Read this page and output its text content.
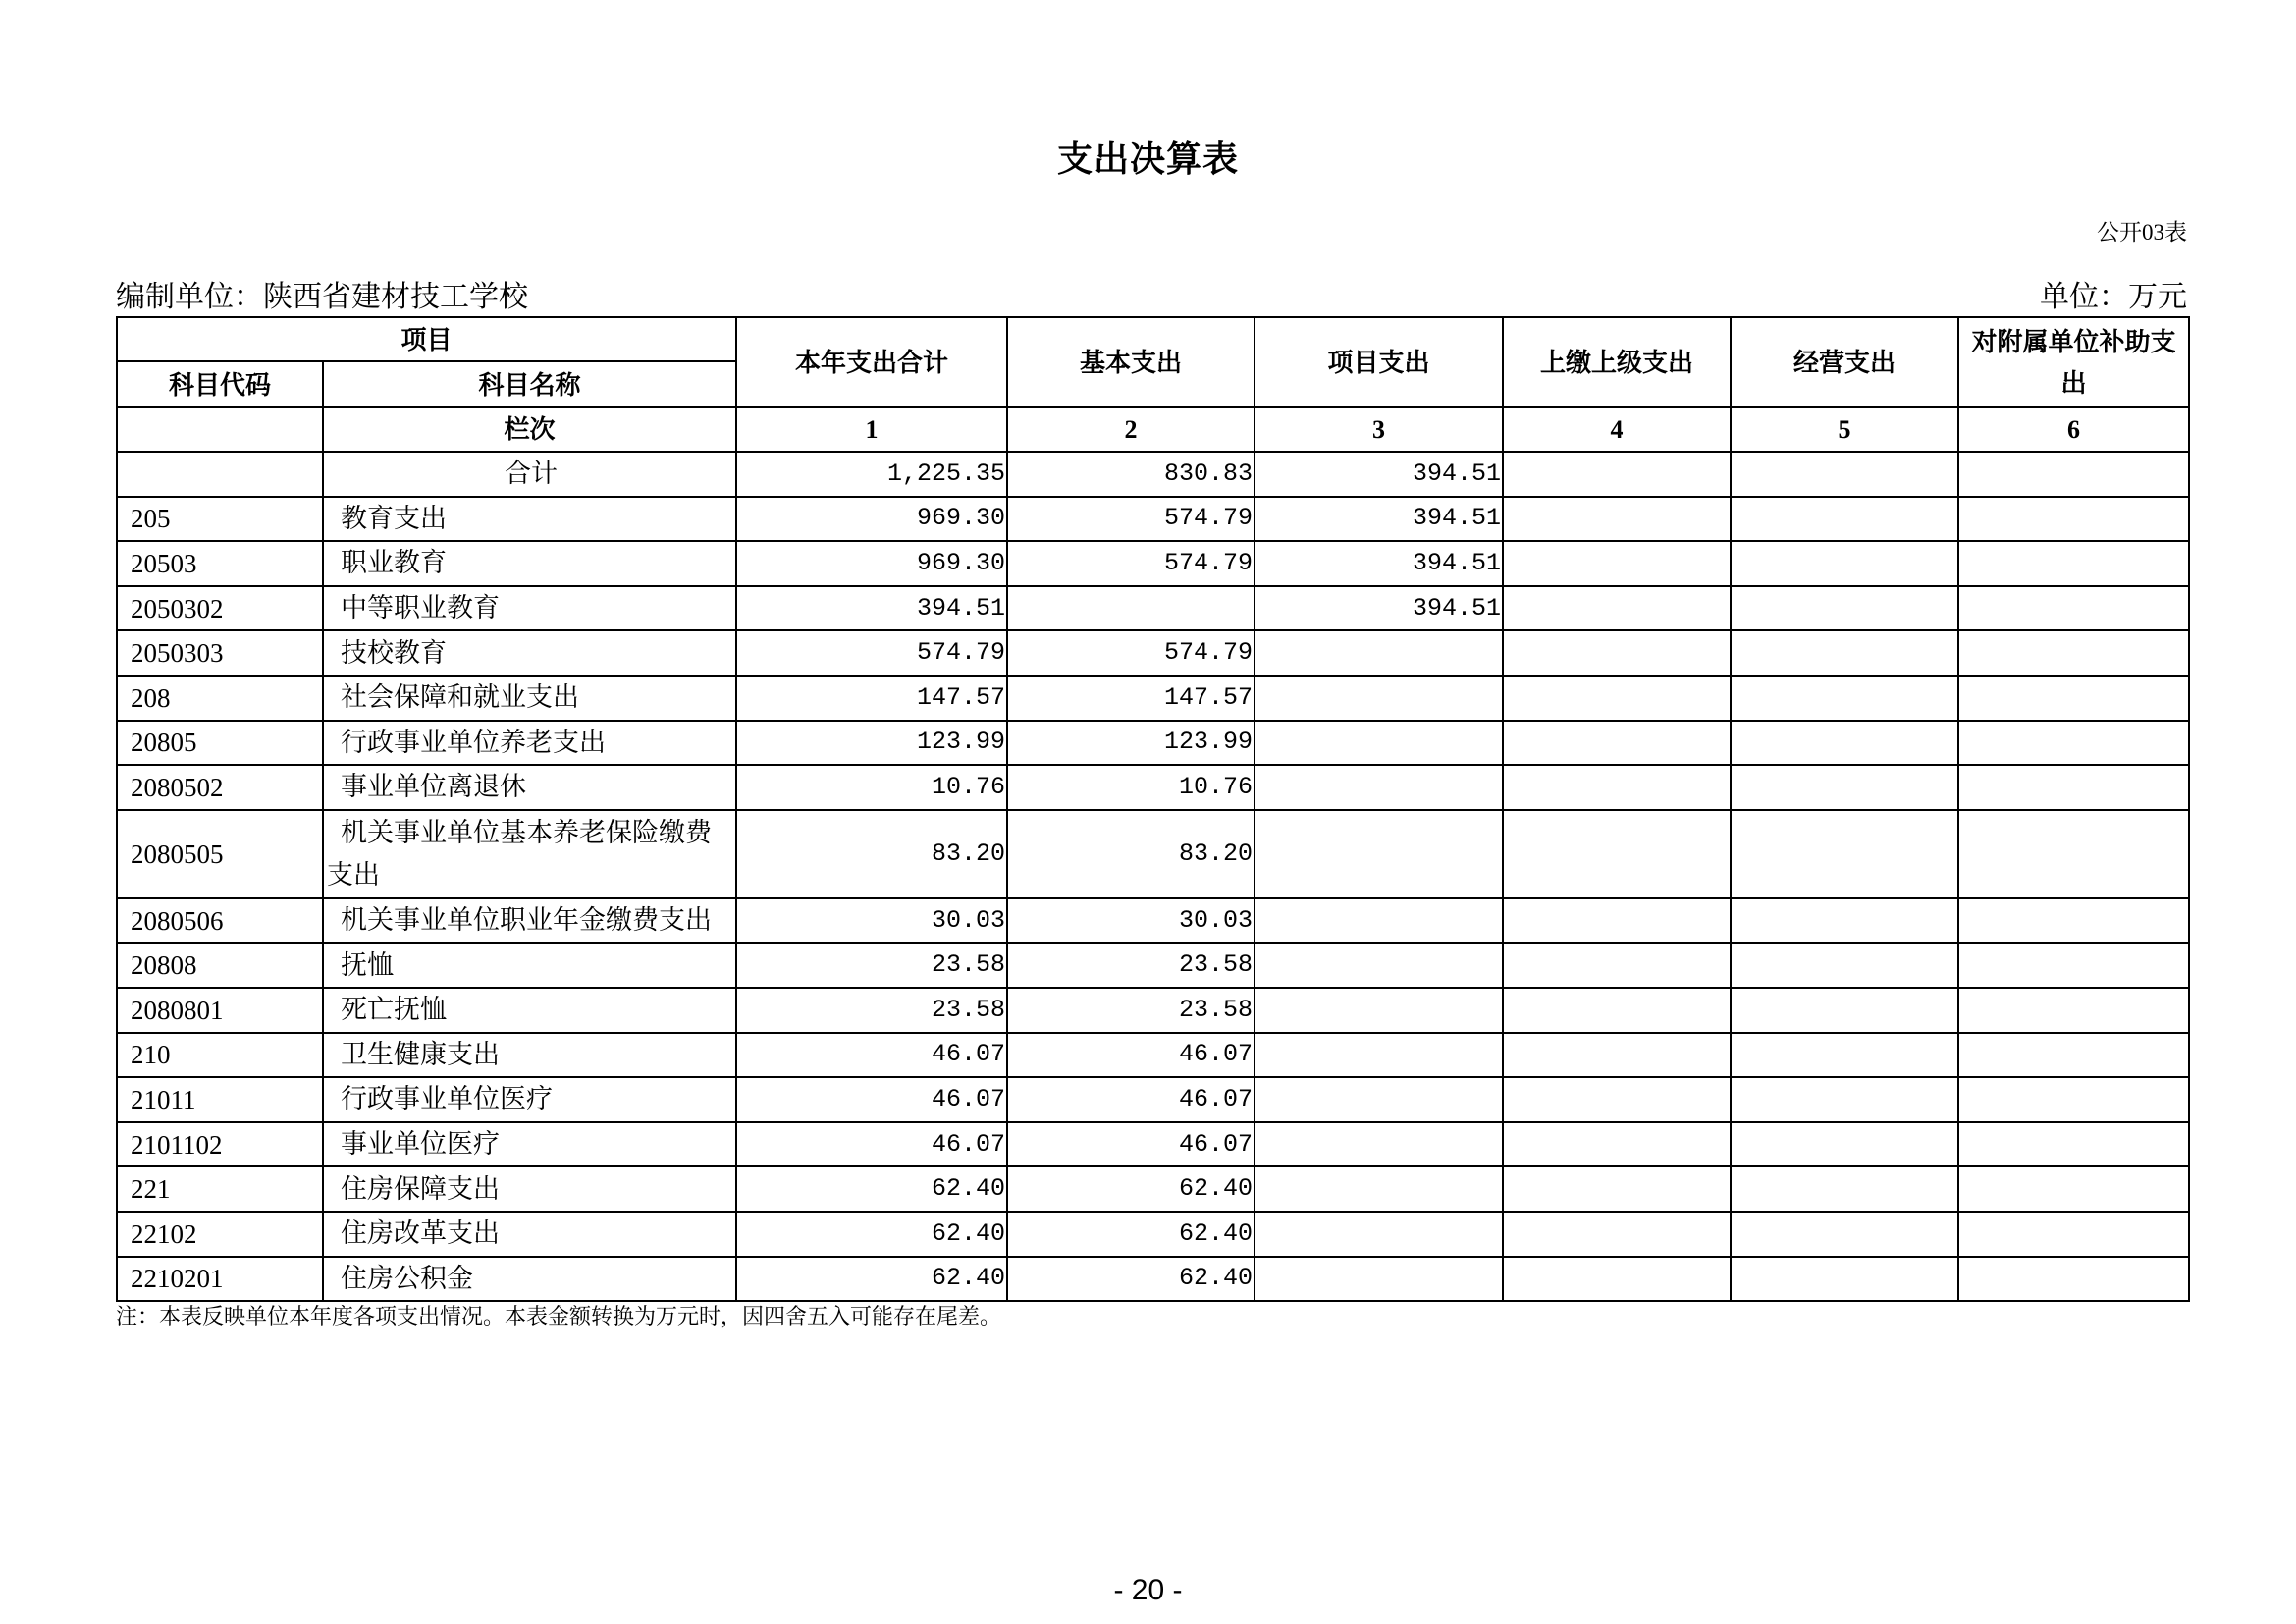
支出决算表
公开03表
编制单位：陕西省建材技工学校	单位：万元
项目		本年支出合计	基本支出	项目支出	上缴上级支出	经营支出	对附属单位补助支出
科目代码	科目名称						
	栏次	1	2	3	4	5	6
	合计	1,225.35	830.83	394.51			
205	教育支出	969.30	574.79	394.51			
20503	职业教育	969.30	574.79	394.51			
2050302	中等职业教育	394.51		394.51			
2050303	技校教育	574.79	574.79				
208	社会保障和就业支出	147.57	147.57				
20805	行政事业单位养老支出	123.99	123.99				
2080502	事业单位离退休	10.76	10.76				
2080505	机关事业单位基本养老保险缴费支出	83.20	83.20				
2080506	机关事业单位职业年金缴费支出	30.03	30.03				
20808	抚恤	23.58	23.58				
2080801	死亡抚恤	23.58	23.58				
210	卫生健康支出	46.07	46.07				
21011	行政事业单位医疗	46.07	46.07				
2101102	事业单位医疗	46.07	46.07				
221	住房保障支出	62.40	62.40				
22102	住房改革支出	62.40	62.40				
2210201	住房公积金	62.40	62.40				
注：本表反映单位本年度各项支出情况。本表金额转换为万元时，因四舍五入可能存在尾差。
- 20 -
